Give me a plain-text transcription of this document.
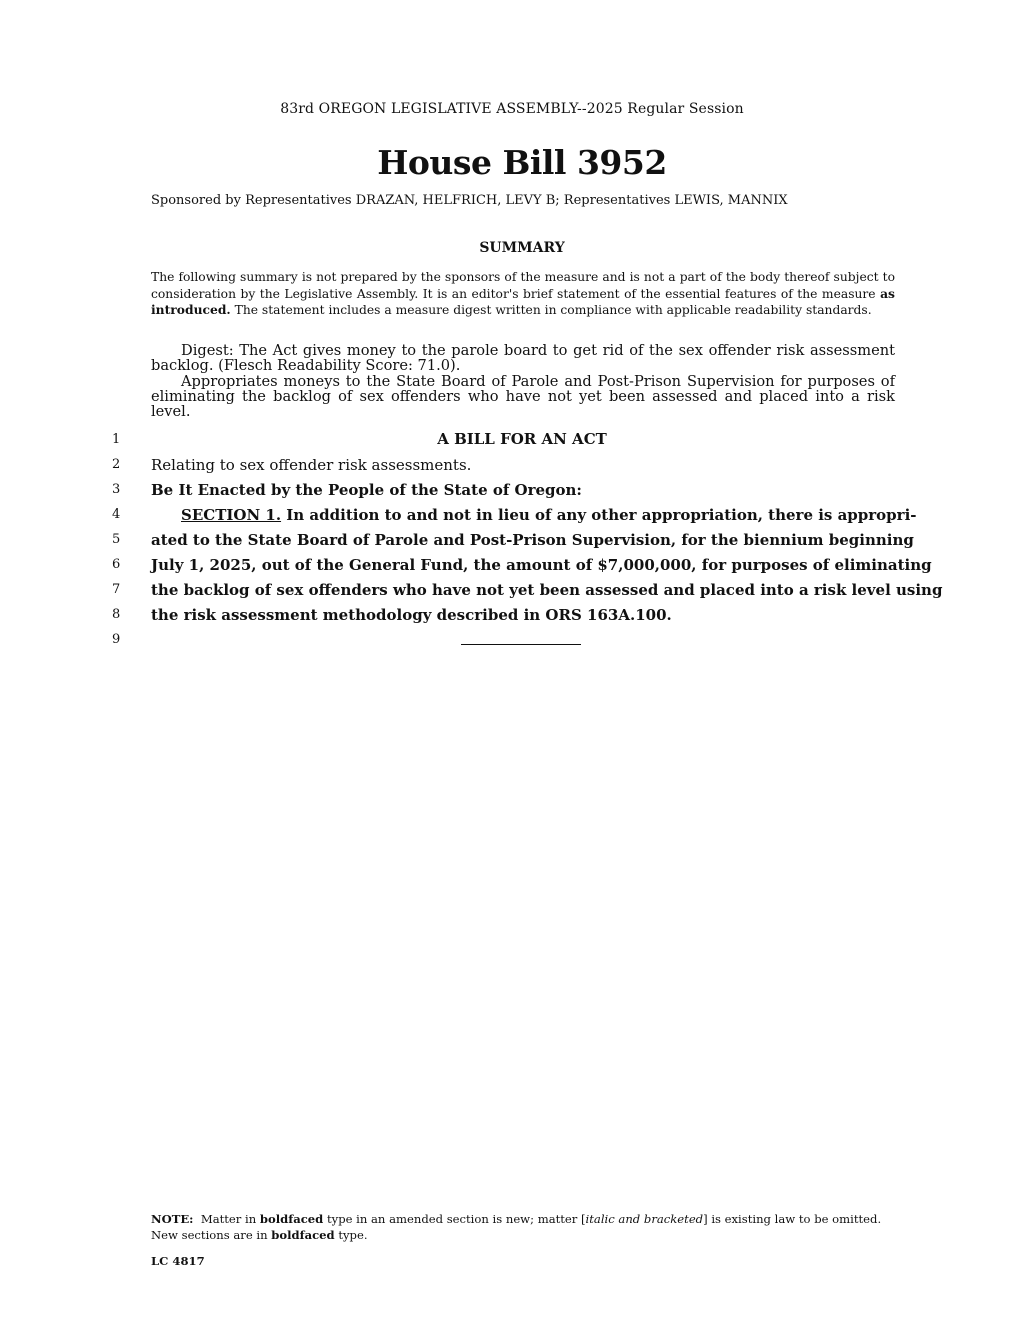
83rd OREGON LEGISLATIVE ASSEMBLY--2025 Regular Session
House Bill 3952
Sponsored by Representatives DRAZAN, HELFRICH, LEVY B; Representatives LEWIS, MANNIX
SUMMARY
The following summary is not prepared by the sponsors of the measure and is not a part of the body thereof subject to consideration by the Legislative Assembly. It is an editor's brief statement of the essential features of the measure as introduced. The statement includes a measure digest written in compliance with applicable readability standards.

Digest: The Act gives money to the parole board to get rid of the sex offender risk assessment backlog. (Flesch Readability Score: 71.0).

Appropriates moneys to the State Board of Parole and Post-Prison Supervision for purposes of eliminating the backlog of sex offenders who have not yet been assessed and placed into a risk level.

1
2
3
4
5
6
7
8
9
A BILL FOR AN ACT
Relating to sex offender risk assessments.
Be It Enacted by the People of the State of Oregon:
SECTION 1. In addition to and not in lieu of any other appropriation, there is appropri-
ated to the State Board of Parole and Post-Prison Supervision, for the biennium beginning
July 1, 2025, out of the General Fund, the amount of $7,000,000, for purposes of eliminating
the backlog of sex offenders who have not yet been assessed and placed into a risk level using
the risk assessment methodology described in ORS 163A.100.
NOTE: Matter in boldfaced type in an amended section is new; matter [italic and bracketed] is existing law to be omitted.
New sections are in boldfaced type.
LC 4817
